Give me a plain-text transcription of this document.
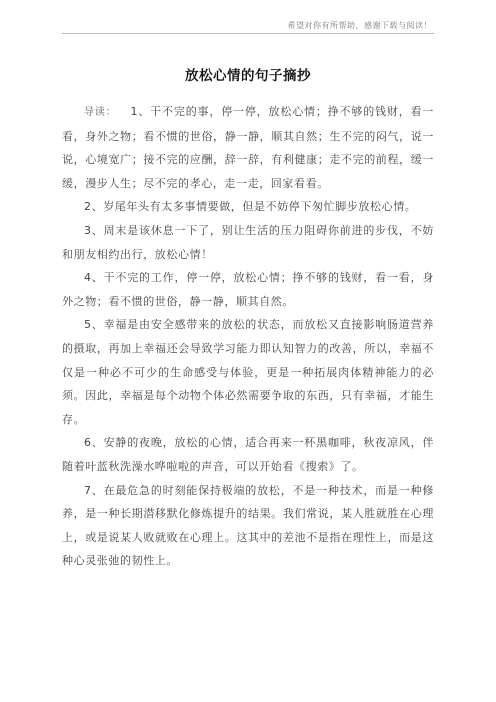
希望对你有所帮助，感谢下载与阅读！
放松心情的句子摘抄

导读： 1、干不完的事，停一停，放松心情；挣不够的钱财，看一看，身外之物；看不惯的世俗，静一静，顺其自然；生不完的闷气，说一说，心境宽广；接不完的应酬，辞一辞，有利健康；走不完的前程，缓一缓，漫步人生；尽不完的孝心，走一走，回家看看。

2、岁尾年头有太多事情要做，但是不妨停下匆忙脚步放松心情。

3、周末是该休息一下了，别让生活的压力阻碍你前进的步伐，不妨和朋友相约出行，放松心情！

4、干不完的工作，停一停，放松心情；挣不够的钱财，看一看，身外之物；看不惯的世俗，静一静，顺其自然。

5、幸福是由安全感带来的放松的状态，而放松又直接影响肠道营养的摄取，再加上幸福还会导致学习能力即认知智力的改善，所以，幸福不仅是一种必不可少的生命感受与体验，更是一种拓展肉体精神能力的必须。因此，幸福是每个动物个体必然需要争取的东西，只有幸福，才能生存。

6、安静的夜晚，放松的心情，适合再来一杯黑咖啡，秋夜凉风，伴随着叶蓝秋洗澡水哗啦啦的声音，可以开始看《搜索》了。

7、在最危急的时刻能保持极端的放松，不是一种技术，而是一种修养，是一种长期潜移默化修炼提升的结果。我们常说，某人胜就胜在心理上，或是说某人败就败在心理上。这其中的差池不是指在理性上，而是这种心灵张弛的韧性上。
